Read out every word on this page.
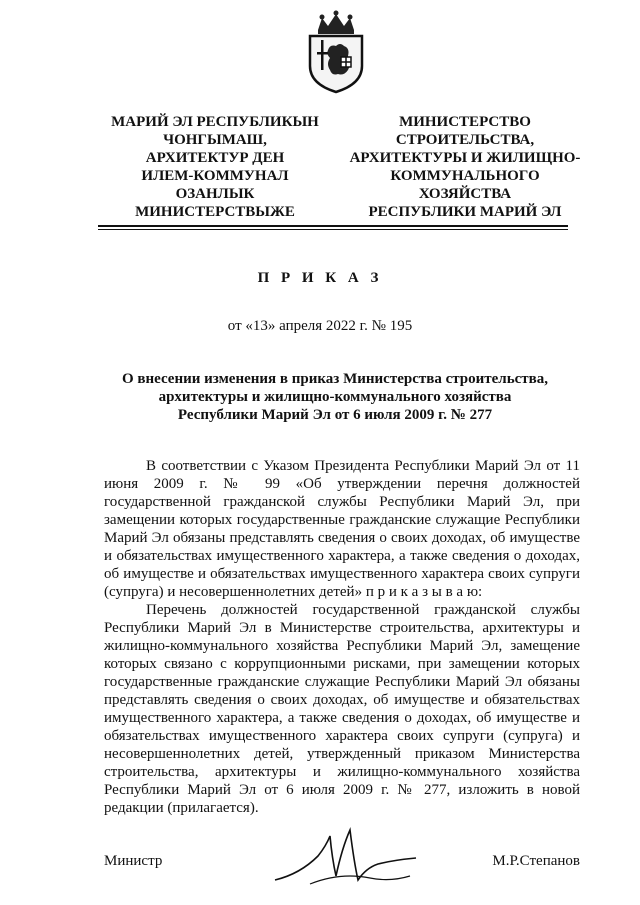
МАРИЙ ЭЛ РЕСПУБЛИКЫН
ЧОНГЫМАШ,
АРХИТЕКТУР ДЕН
ИЛЕМ-КОММУНАЛ
ОЗАНЛЫК
МИНИСТЕРСТВЫЖЕ
МИНИСТЕРСТВО
СТРОИТЕЛЬСТВА,
АРХИТЕКТУРЫ И ЖИЛИЩНО-
КОММУНАЛЬНОГО
ХОЗЯЙСТВА
РЕСПУБЛИКИ МАРИЙ ЭЛ
П Р И К А З
от «13» апреля 2022 г. № 195
О внесении изменения в приказ Министерства строительства,
архитектуры и жилищно-коммунального хозяйства
Республики Марий Эл от 6 июля 2009 г. № 277

В соответствии с Указом Президента Республики Марий Эл от 11 июня 2009 г. № 99 «Об утверждении перечня должностей государственной гражданской службы Республики Марий Эл, при замещении которых государственные гражданские служащие Республики Марий Эл обязаны представлять сведения о своих доходах, об имуществе и обязательствах имущественного характера, а также сведения о доходах, об имуществе и обязательствах имущественного характера своих супруги (супруга) и несовершеннолетних детей» п р и к а з ы в а ю:

Перечень должностей государственной гражданской службы Республики Марий Эл в Министерстве строительства, архитектуры и жилищно-коммунального хозяйства Республики Марий Эл, замещение которых связано с коррупционными рисками, при замещении которых государственные гражданские служащие Республики Марий Эл обязаны представлять сведения о своих доходах, об имуществе и обязательствах имущественного характера, а также сведения о доходах, об имуществе и обязательствах имущественного характера своих супруги (супруга) и несовершеннолетних детей, утвержденный приказом Министерства строительства, архитектуры и жилищно-коммунального хозяйства Республики Марий Эл от 6 июля 2009 г. № 277, изложить в новой редакции (прилагается).

Министр	М.Р.Степанов
